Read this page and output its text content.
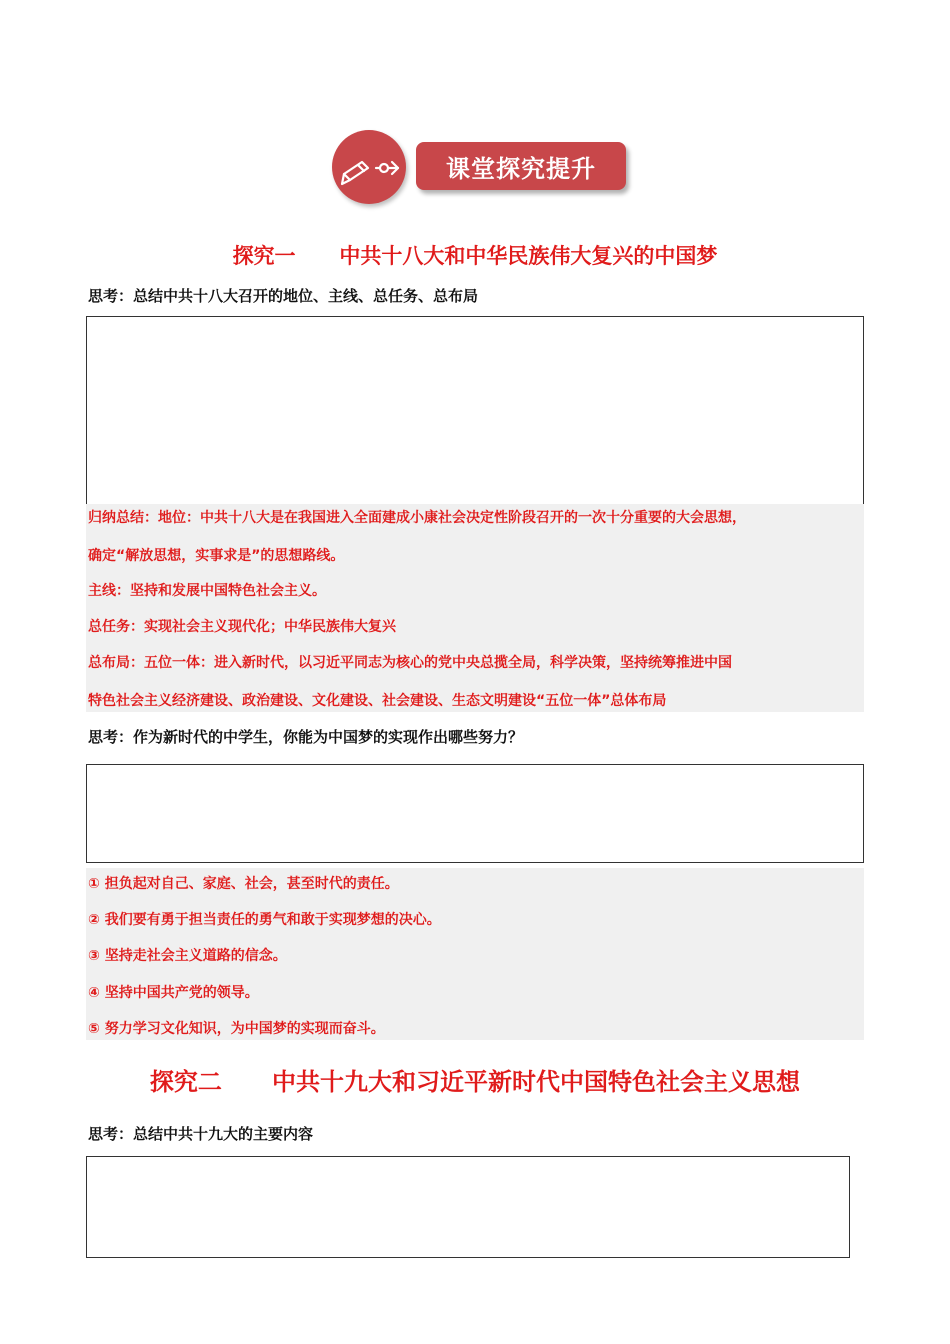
课堂探究提升
探究一      中共十八大和中华民族伟大复兴的中国梦
思考：总结中共十八大召开的地位、主线、总任务、总布局
归纳总结：地位：中共十八大是在我国进入全面建成小康社会决定性阶段召开的一次十分重要的大会思想，
确定“解放思想，实事求是”的思想路线。
主线：坚持和发展中国特色社会主义。
总任务：实现社会主义现代化；中华民族伟大复兴
总布局：五位一体：进入新时代，以习近平同志为核心的党中央总揽全局，科学决策，坚持统筹推进中国
特色社会主义经济建设、政治建设、文化建设、社会建设、生态文明建设“五位一体”总体布局
思考：作为新时代的中学生，你能为中国梦的实现作出哪些努力？
① 担负起对自己、家庭、社会，甚至时代的责任。
② 我们要有勇于担当责任的勇气和敢于实现梦想的决心。
③ 坚持走社会主义道路的信念。
④ 坚持中国共产党的领导。
⑤ 努力学习文化知识，为中国梦的实现而奋斗。
探究二      中共十九大和习近平新时代中国特色社会主义思想
思考：总结中共十九大的主要内容
